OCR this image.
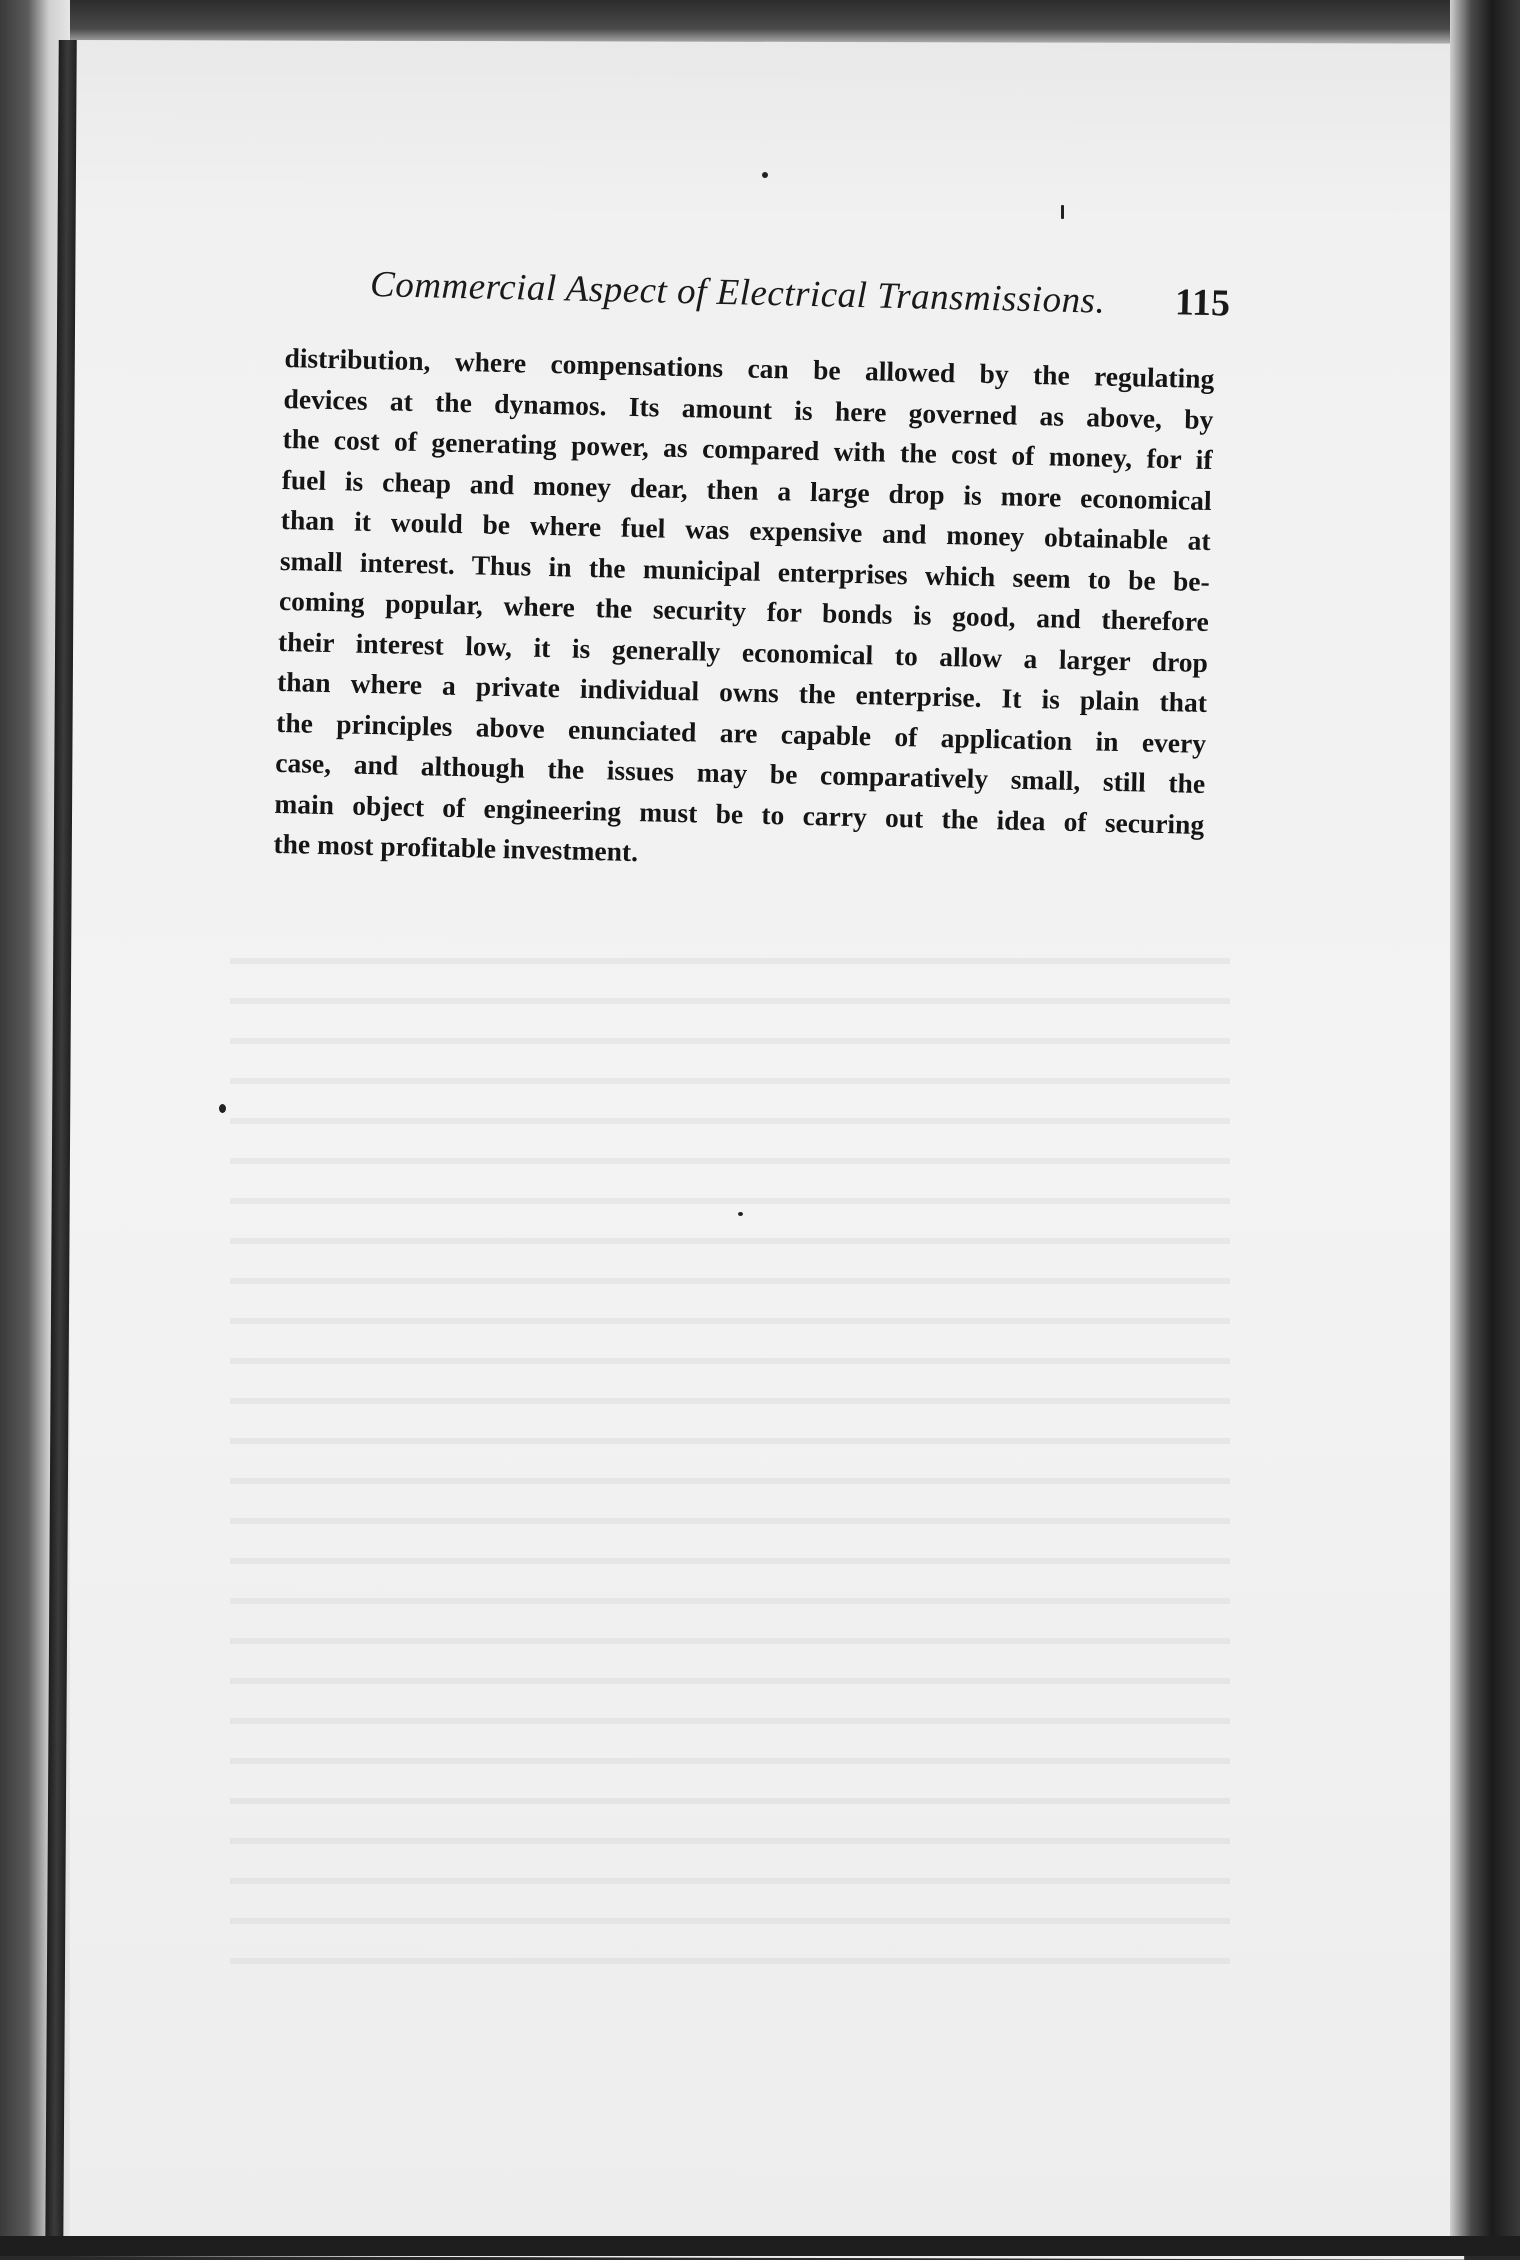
Commercial Aspect of Electrical Transmissions. 115
distribution, where compensations can be allowed by the regulating
devices at the dynamos. Its amount is here governed as above, by
the cost of generating power, as compared with the cost of money, for if
fuel is cheap and money dear, then a large drop is more economical
than it would be where fuel was expensive and money obtainable at
small interest. Thus in the municipal enterprises which seem to be be-
coming popular, where the security for bonds is good, and therefore
their interest low, it is generally economical to allow a larger drop
than where a private individual owns the enterprise. It is plain that
the principles above enunciated are capable of application in every
case, and although the issues may be comparatively small, still the
main object of engineering must be to carry out the idea of securing
the most profitable investment.
